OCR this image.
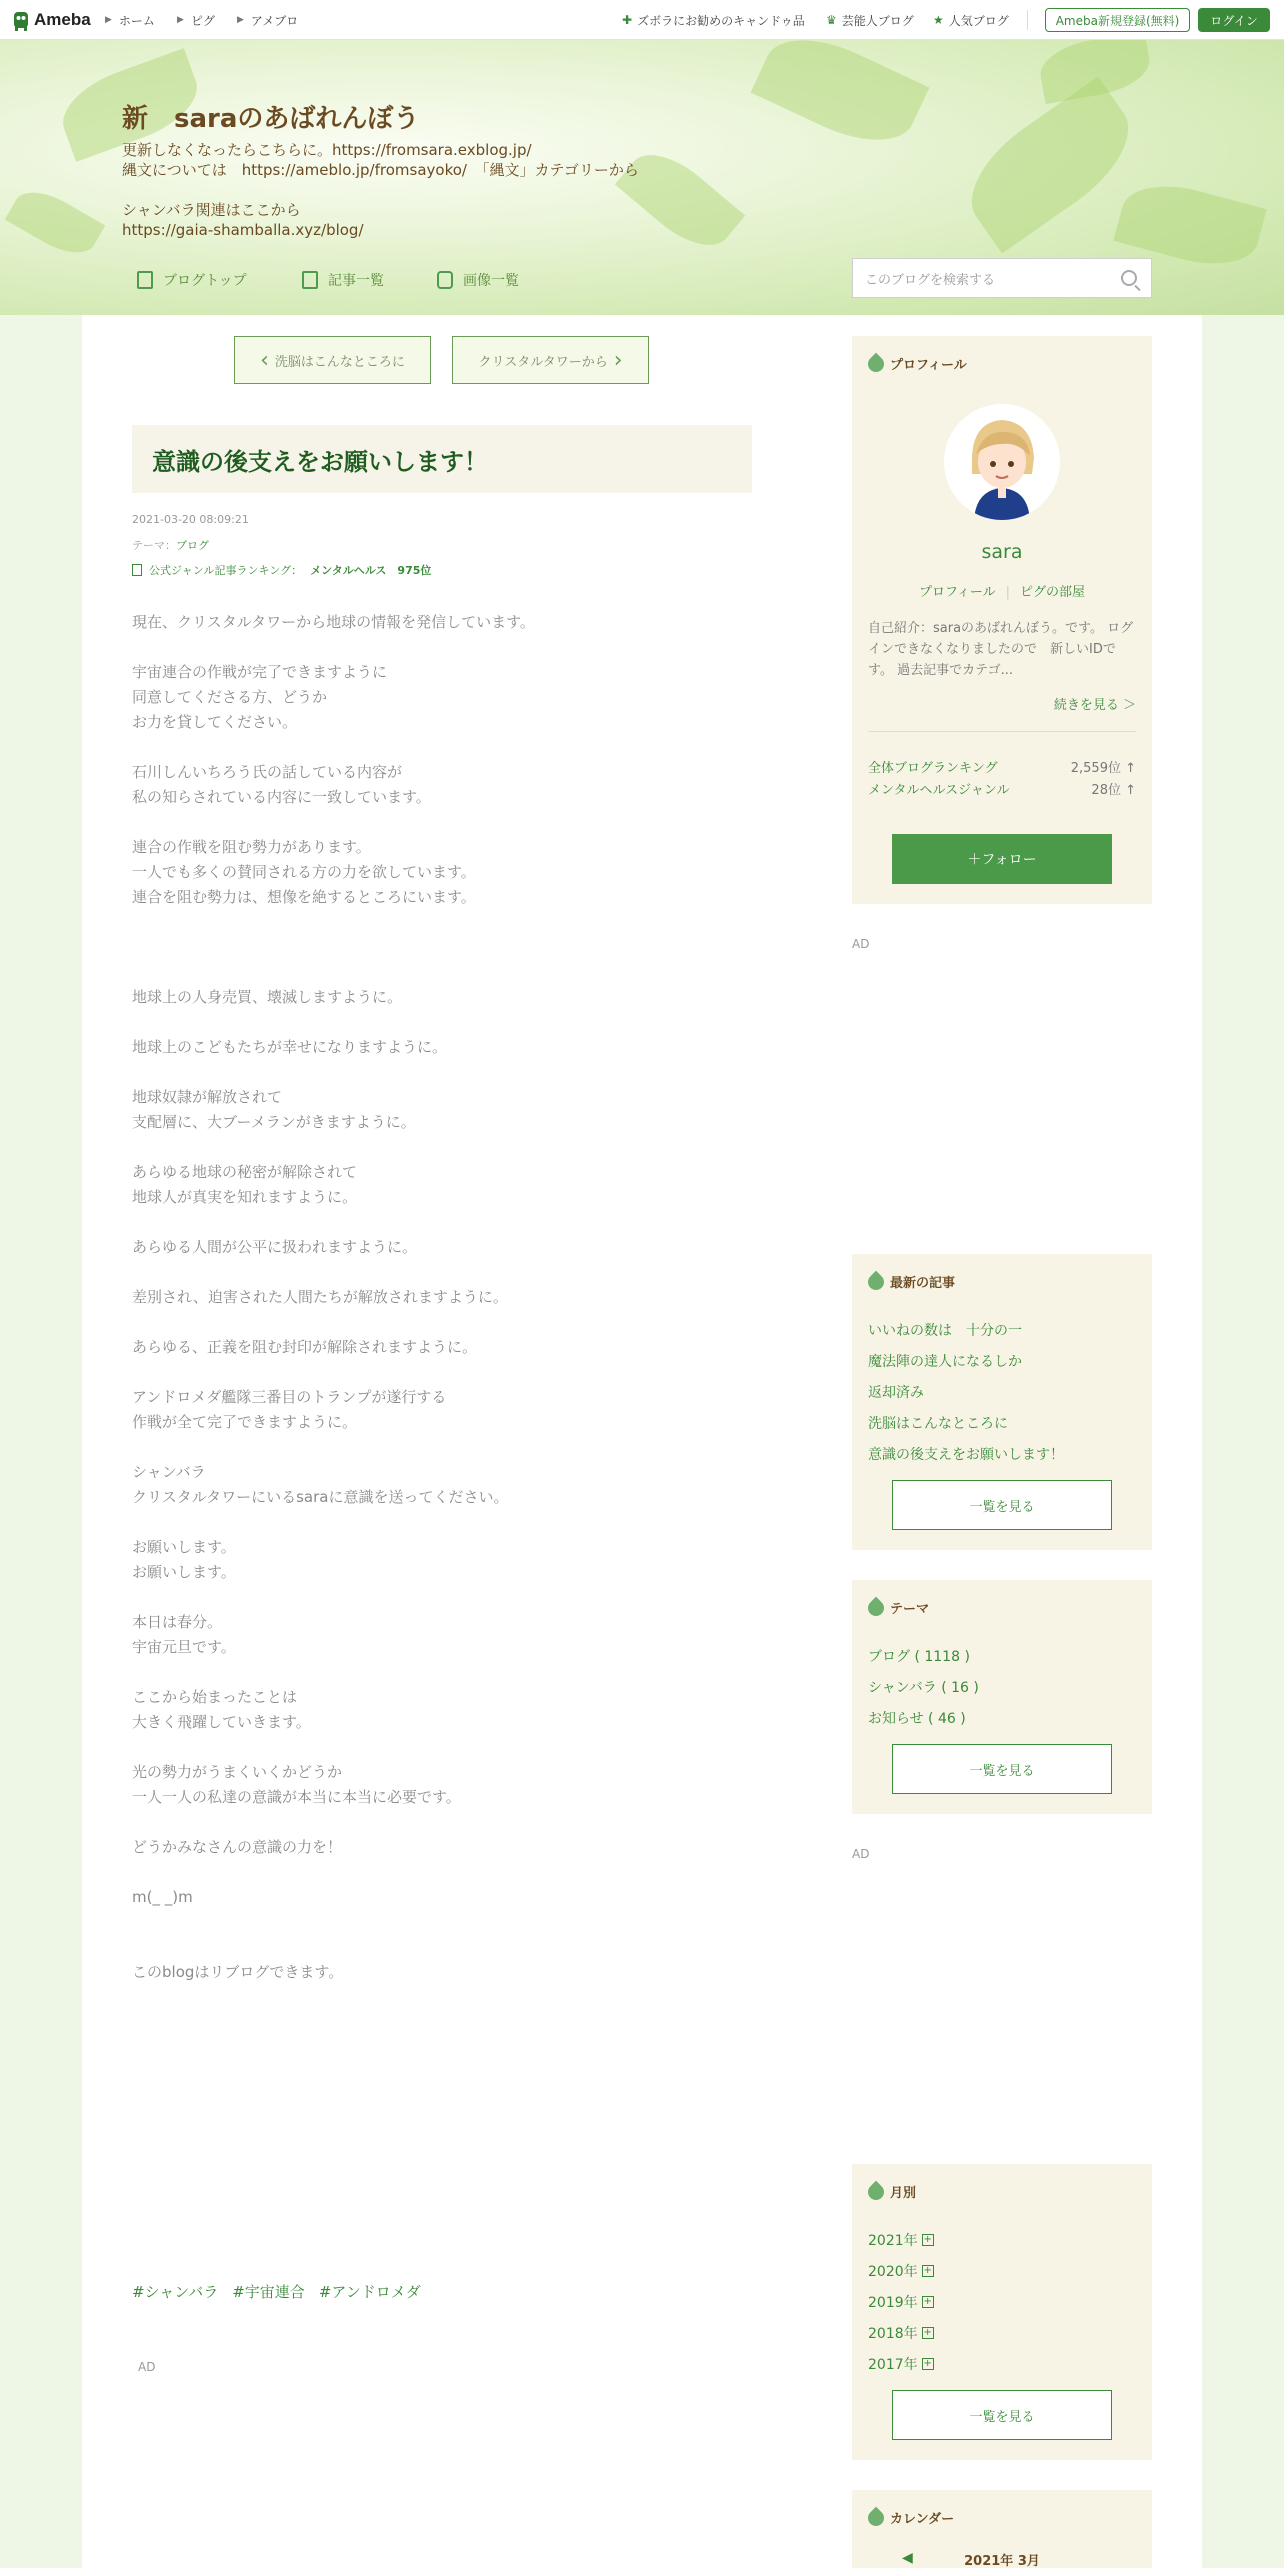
Ameba ▶ ホーム ▶ ピグ ▶ アメブロ	✚ ズボラにお勧めのキャンドゥ品 ♛ 芸能人ブログ ★ 人気ブログ	Ameba新規登録(無料)	ログイン
新　saraのあばれんぼう
更新しなくなったらこちらに。https://fromsara.exblog.jp/
縄文については　https://ameblo.jp/fromsayoko/　「縄文」カテゴリーから

シャンバラ関連はここから
https://gaia-shamballa.xyz/blog/
ブログトップ	記事一覧	画像一覧	このブログを検索する
‹ 洗脳はこんなところに	クリスタルタワーから ›
意識の後支えをお願いします！
2021-03-20 08:09:21
テーマ：ブログ
公式ジャンル記事ランキング： メンタルヘルス　975位
現在、クリスタルタワーから地球の情報を発信しています。
宇宙連合の作戦が完了できますように
同意してくださる方、どうか
お力を貸してください。
石川しんいちろう氏の話している内容が
私の知らされている内容に一致しています。
連合の作戦を阻む勢力があります。
一人でも多くの賛同される方の力を欲しています。
連合を阻む勢力は、想像を絶するところにいます。
地球上の人身売買、壊滅しますように。
地球上のこどもたちが幸せになりますように。
地球奴隷が解放されて
支配層に、大ブーメランがきますように。
あらゆる地球の秘密が解除されて
地球人が真実を知れますように。
あらゆる人間が公平に扱われますように。
差別され、迫害された人間たちが解放されますように。
あらゆる、正義を阻む封印が解除されますように。
アンドロメダ艦隊三番目のトランプが遂行する
作戦が全て完了できますように。
シャンバラ
クリスタルタワーにいるsaraに意識を送ってください。
お願いします。
お願いします。
本日は春分。
宇宙元旦です。
ここから始まったことは
大きく飛躍していきます。
光の勢力がうまくいくかどうか
一人一人の私達の意識が本当に本当に必要です。
どうかみなさんの意識の力を！
m(_ _)m
このblogはリブログできます。
#シャンバラ #宇宙連合 #アンドロメダ
AD
プロフィール
sara
プロフィール | ピグの部屋
自己紹介：saraのあばれんぼう。です。 ログインできなくなりましたので　新しいIDです。 過去記事でカテゴ...
続きを見る ＞
全体ブログランキング	2,559位 ↑
メンタルヘルスジャンル	28位 ↑
＋フォロー
AD
最新の記事
いいねの数は　十分の一
魔法陣の達人になるしか
返却済み
洗脳はこんなところに
意識の後支えをお願いします！
一覧を見る
テーマ
ブログ ( 1118 )
シャンバラ ( 16 )
お知らせ ( 46 )
一覧を見る
AD
月別
2021年 +
2020年 +
2019年 +
2018年 +
2017年 +
一覧を見る
カレンダー
◀	2021年 3月
